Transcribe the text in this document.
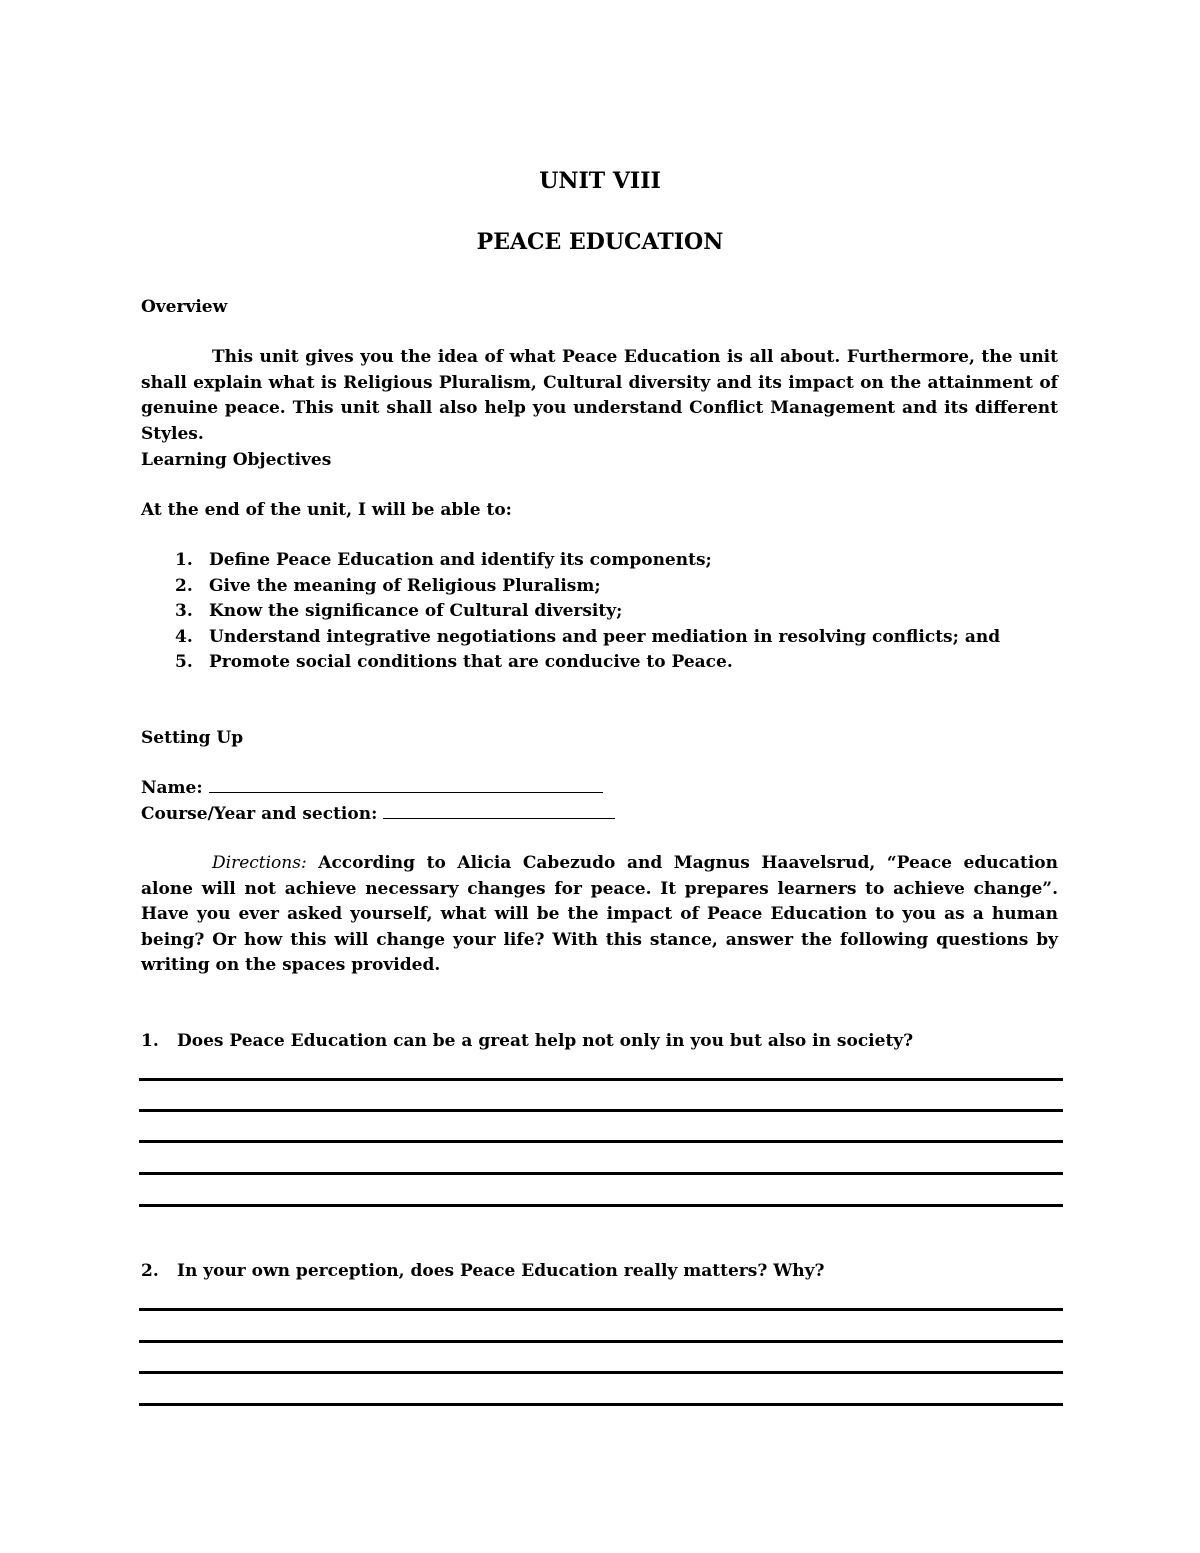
UNIT VIII
PEACE EDUCATION
Overview
This unit gives you the idea of what Peace Education is all about. Furthermore, the unit shall explain what is Religious Pluralism, Cultural diversity and its impact on the attainment of genuine peace. This unit shall also help you understand Conflict Management and its different Styles.
Learning Objectives
At the end of the unit, I will be able to:
1. Define Peace Education and identify its components;
2. Give the meaning of Religious Pluralism;
3. Know the significance of Cultural diversity;
4. Understand integrative negotiations and peer mediation in resolving conflicts; and
5. Promote social conditions that are conducive to Peace.
Setting Up
Name:
Course/Year and section:
Directions: According to Alicia Cabezudo and Magnus Haavelsrud, “Peace education alone will not achieve necessary changes for peace. It prepares learners to achieve change”. Have you ever asked yourself, what will be the impact of Peace Education to you as a human being? Or how this will change your life? With this stance, answer the following questions by writing on the spaces provided.
1. Does Peace Education can be a great help not only in you but also in society?
2. In your own perception, does Peace Education really matters? Why?
